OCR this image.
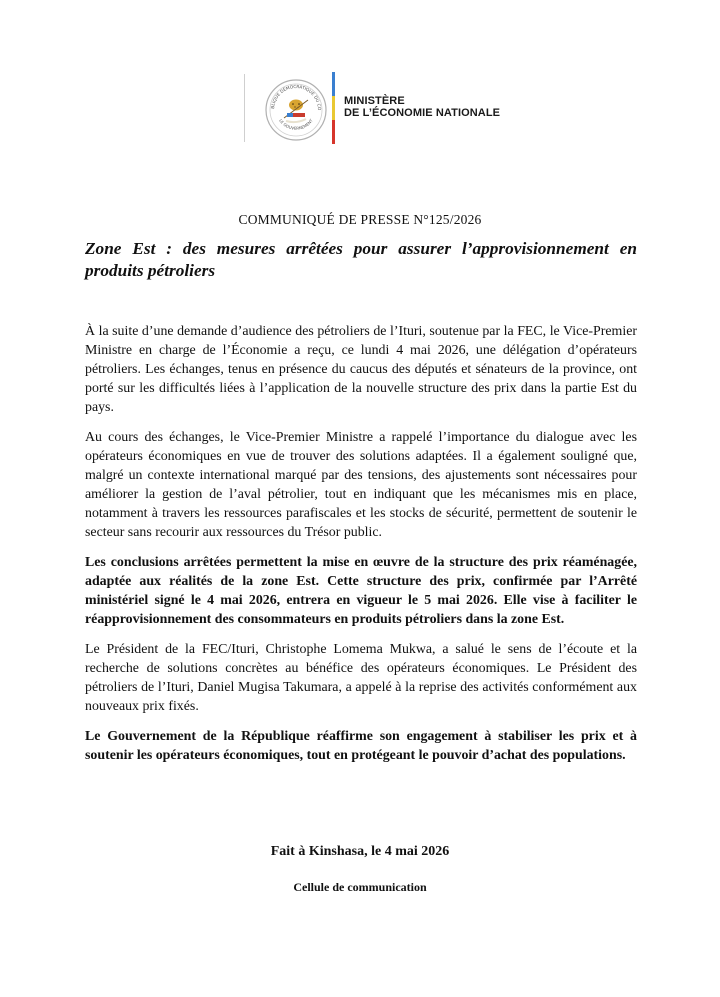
BLIQUE DÉMOCRATIQUE DU CO
LE GOUVERNEMENT
MINISTÈRE
DE L’ÉCONOMIE NATIONALE
COMMUNIQUÉ DE PRESSE N°125/2026
Zone Est : des mesures arrêtées pour assurer l’approvisionnement en produits pétroliers

À la suite d’une demande d’audience des pétroliers de l’Ituri, soutenue par la FEC, le Vice-Premier Ministre en charge de l’Économie a reçu, ce lundi 4 mai 2026, une délégation d’opérateurs pétroliers. Les échanges, tenus en présence du caucus des députés et sénateurs de la province, ont porté sur les difficultés liées à l’application de la nouvelle structure des prix dans la partie Est du pays.

Au cours des échanges, le Vice-Premier Ministre a rappelé l’importance du dialogue avec les opérateurs économiques en vue de trouver des solutions adaptées. Il a également souligné que, malgré un contexte international marqué par des tensions, des ajustements sont nécessaires pour améliorer la gestion de l’aval pétrolier, tout en indiquant que les mécanismes mis en place, notamment à travers les ressources parafiscales et les stocks de sécurité, permettent de soutenir le secteur sans recourir aux ressources du Trésor public.

Les conclusions arrêtées permettent la mise en œuvre de la structure des prix réaménagée, adaptée aux réalités de la zone Est. Cette structure des prix, confirmée par l’Arrêté ministériel signé le 4 mai 2026, entrera en vigueur le 5 mai 2026. Elle vise à faciliter le réapprovisionnement des consommateurs en produits pétroliers dans la zone Est.

Le Président de la FEC/Ituri, Christophe Lomema Mukwa, a salué le sens de l’écoute et la recherche de solutions concrètes au bénéfice des opérateurs économiques. Le Président des pétroliers de l’Ituri, Daniel Mugisa Takumara, a appelé à la reprise des activités conformément aux nouveaux prix fixés.

Le Gouvernement de la République réaffirme son engagement à stabiliser les prix et à soutenir les opérateurs économiques, tout en protégeant le pouvoir d’achat des populations.

Fait à Kinshasa, le 4 mai 2026
Cellule de communication
